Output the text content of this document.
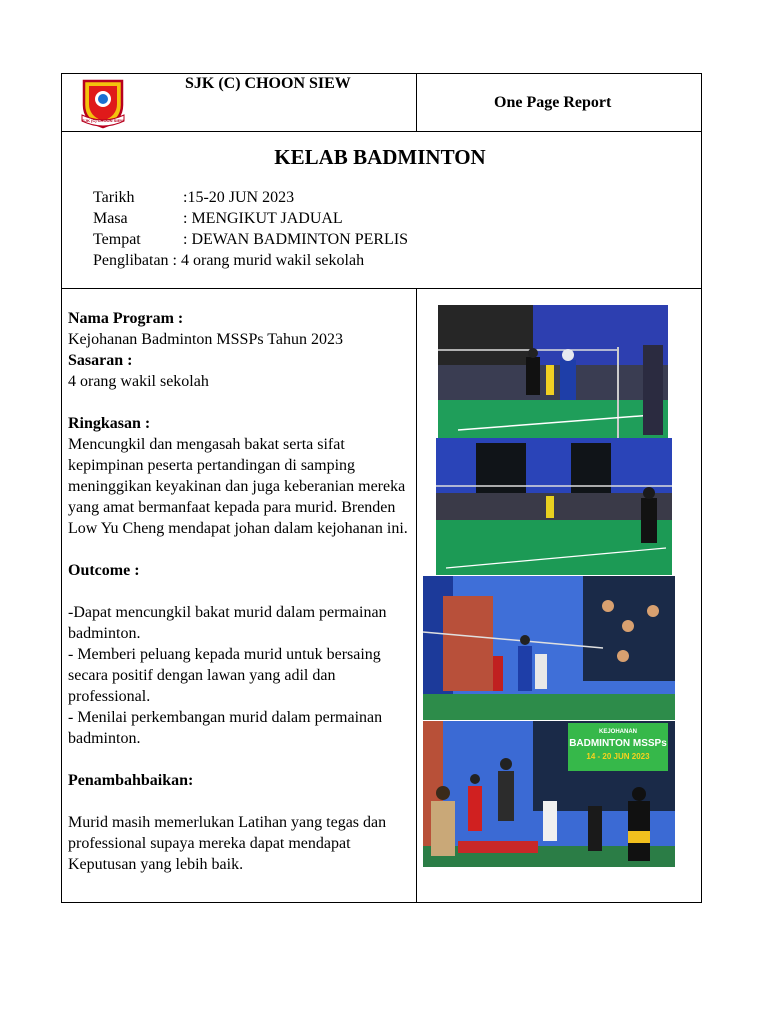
SJK (C) CHOON SIEW
SJK (C) CHOON SIEW
One Page Report
KELAB BADMINTON
Tarikh	:15-20 JUN 2023
Masa	: MENGIKUT JADUAL
Tempat	: DEWAN BADMINTON PERLIS
Penglibatan : 4 orang murid wakil sekolah

Nama Program :

Kejohanan Badminton MSSPs Tahun 2023

Sasaran :

4 orang wakil sekolah

Ringkasan :

Mencungkil dan mengasah bakat serta sifat kepimpinan peserta pertandingan di samping meninggikan keyakinan dan juga keberanian mereka yang amat bermanfaat kepada para murid. Brenden Low Yu Cheng mendapat johan dalam kejohanan ini.

Outcome :

-Dapat mencungkil bakat murid dalam permainan badminton.

- Memberi peluang kepada murid untuk bersaing secara positif dengan lawan yang adil dan professional.

- Menilai perkembangan murid dalam permainan badminton.

Penambahbaikan:

Murid masih memerlukan Latihan yang tegas dan professional supaya mereka dapat mendapat Keputusan yang lebih baik.

KEJOHANAN
BADMINTON MSSPs
14 - 20 JUN 2023
